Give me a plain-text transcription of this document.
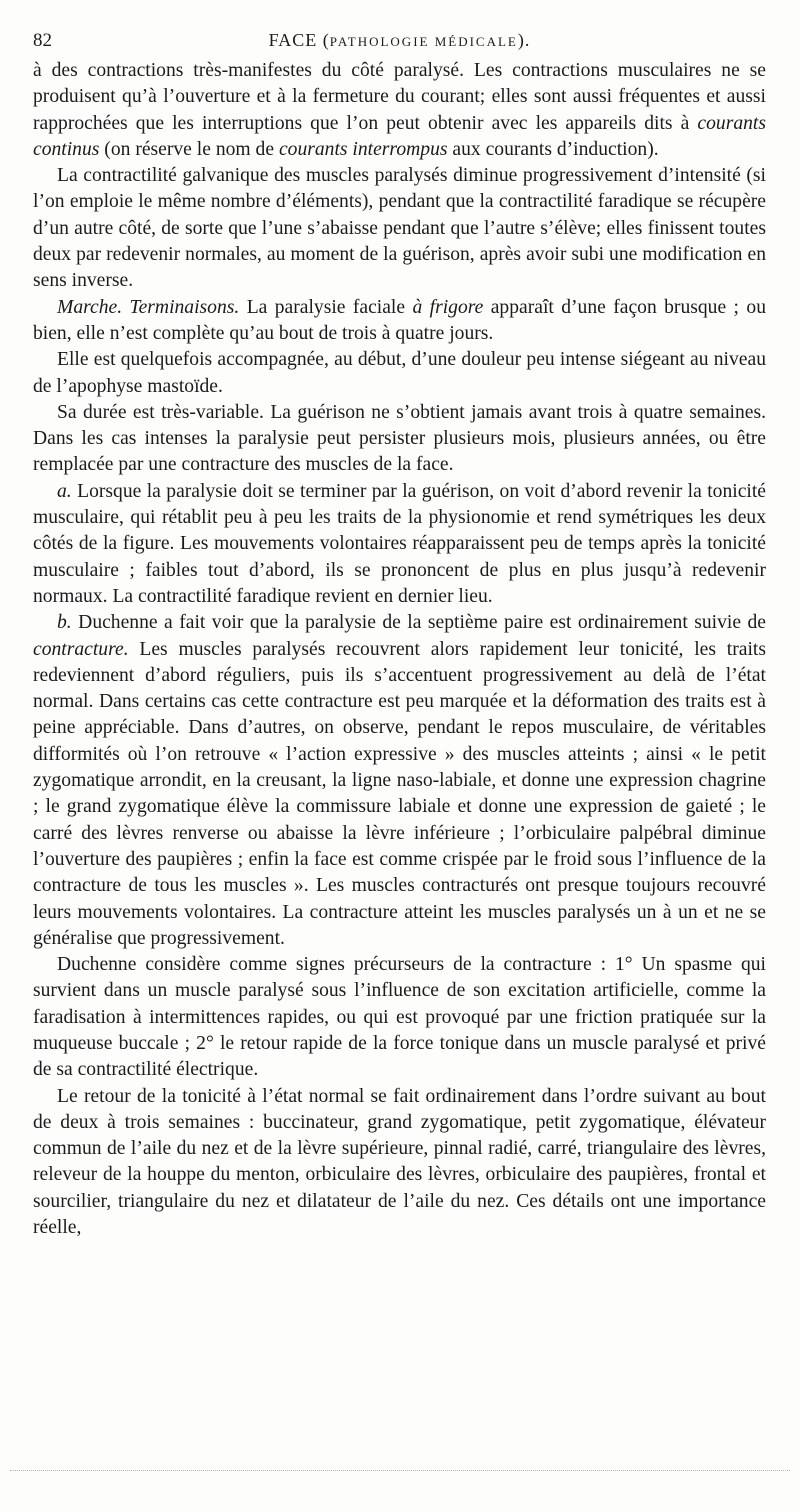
82	FACE (PATHOLOGIE MÉDICALE).

à des contractions très-manifestes du côté paralysé. Les contractions musculaires ne se produisent qu’à l’ouverture et à la fermeture du courant; elles sont aussi fréquentes et aussi rapprochées que les interruptions que l’on peut obtenir avec les appareils dits à courants continus (on réserve le nom de courants interrompus aux courants d’induction).

La contractilité galvanique des muscles paralysés diminue progressivement d’intensité (si l’on emploie le même nombre d’éléments), pendant que la contractilité faradique se récupère d’un autre côté, de sorte que l’une s’abaisse pendant que l’autre s’élève; elles finissent toutes deux par redevenir normales, au moment de la guérison, après avoir subi une modification en sens inverse.

Marche. Terminaisons. La paralysie faciale à frigore apparaît d’une façon brusque ; ou bien, elle n’est complète qu’au bout de trois à quatre jours.

Elle est quelquefois accompagnée, au début, d’une douleur peu intense siégeant au niveau de l’apophyse mastoïde.

Sa durée est très-variable. La guérison ne s’obtient jamais avant trois à quatre semaines. Dans les cas intenses la paralysie peut persister plusieurs mois, plusieurs années, ou être remplacée par une contracture des muscles de la face.

a. Lorsque la paralysie doit se terminer par la guérison, on voit d’abord revenir la tonicité musculaire, qui rétablit peu à peu les traits de la physionomie et rend symétriques les deux côtés de la figure. Les mouvements volontaires réapparaissent peu de temps après la tonicité musculaire ; faibles tout d’abord, ils se prononcent de plus en plus jusqu’à redevenir normaux. La contractilité faradique revient en dernier lieu.

b. Duchenne a fait voir que la paralysie de la septième paire est ordinairement suivie de contracture. Les muscles paralysés recouvrent alors rapidement leur tonicité, les traits redeviennent d’abord réguliers, puis ils s’accentuent progressivement au delà de l’état normal. Dans certains cas cette contracture est peu marquée et la déformation des traits est à peine appréciable. Dans d’autres, on observe, pendant le repos musculaire, de véritables difformités où l’on retrouve « l’action expressive » des muscles atteints ; ainsi « le petit zygomatique arrondit, en la creusant, la ligne naso-labiale, et donne une expression chagrine ; le grand zygomatique élève la commissure labiale et donne une expression de gaieté ; le carré des lèvres renverse ou abaisse la lèvre inférieure ; l’orbiculaire palpébral diminue l’ouverture des paupières ; enfin la face est comme crispée par le froid sous l’influence de la contracture de tous les muscles ». Les muscles contracturés ont presque toujours recouvré leurs mouvements volontaires. La contracture atteint les muscles paralysés un à un et ne se généralise que progressivement.

Duchenne considère comme signes précurseurs de la contracture : 1° Un spasme qui survient dans un muscle paralysé sous l’influence de son excitation artificielle, comme la faradisation à intermittences rapides, ou qui est provoqué par une friction pratiquée sur la muqueuse buccale ; 2° le retour rapide de la force tonique dans un muscle paralysé et privé de sa contractilité électrique.

Le retour de la tonicité à l’état normal se fait ordinairement dans l’ordre suivant au bout de deux à trois semaines : buccinateur, grand zygomatique, petit zygomatique, élévateur commun de l’aile du nez et de la lèvre supérieure, pinnal radié, carré, triangulaire des lèvres, releveur de la houppe du menton, orbiculaire des lèvres, orbiculaire des paupières, frontal et sourcilier, triangulaire du nez et dilatateur de l’aile du nez. Ces détails ont une importance réelle,
